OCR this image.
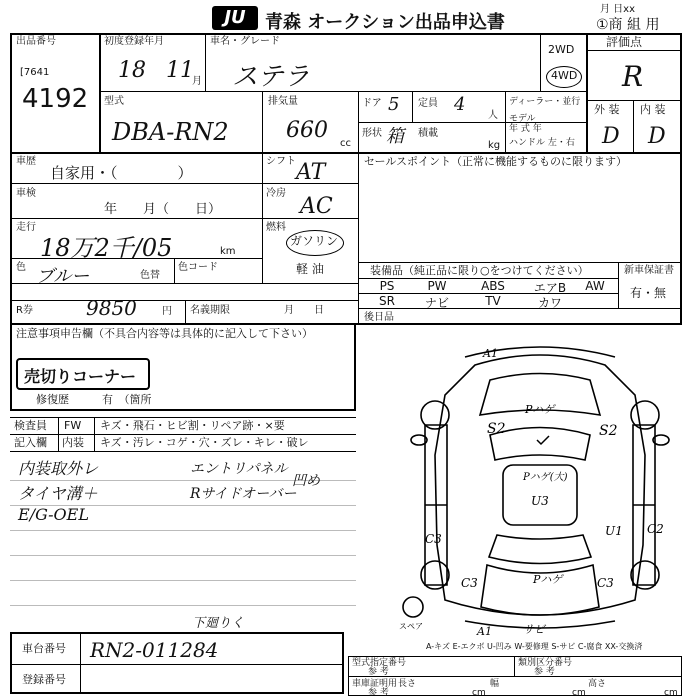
JU	青森 オークション出品申込書
月 日xx
①商 組 用
出品番号
[7641
4192
初度登録年月
18 11
月
車名・グレード
ステラ
2WD
4WD
評価点
R
外 装 内 装
D D
型式
DBA-RN2
排気量
660
cc
ドア 5 定員 4
人
ディーラー・並行
モデル
年 式 年
ハンドル 左・右
形状 箱 積載
kg
車歴
自家用・（　　　　）
シフト AT	セールスポイント（正常に機能するものに限ります）
車検
年　　月（　　日）
冷房
AC
走行
18万2千/05	km
燃料
ガソリン
軽 油
色 ブルー	色替
色コード	装備品（純正品に限り○をつけてください）	新車保証書
有・無
PS	PW	ABS	エアB	AW
SR	ナビ	TV	カワ
R券	9850	円 名義期限	月　　日
後日品
注意事項申告欄（不具合内容等は具体的に記入して下さい）
売切りコーナー
修復歴	有　（箇所
検査員 FW キズ・飛石・ヒビ割・リペア跡・×要
記入欄 内装 キズ・汚レ・コゲ・穴・ズレ・キレ・破レ
内装取外レ
タイヤ溝＋
E/G-OEL
エントリパネル
Rサイドオーバー
凹め
下廻りく
A1
S2	S2
Pハゲ
Pハゲ(大)
U3
U1 C2
C3
C3	C3
Pハゲ
A1	サビ
スペア
A-キズ E-エクボ U-凹み W-要修理 S-サビ C-腐食 XX-交換済
車台番号 RN2-011284
登録番号
型式指定番号
参 考
類別区分番号
参 考
車庫証明用
参 考
長さ	幅	高さ
cm	cm	cm
